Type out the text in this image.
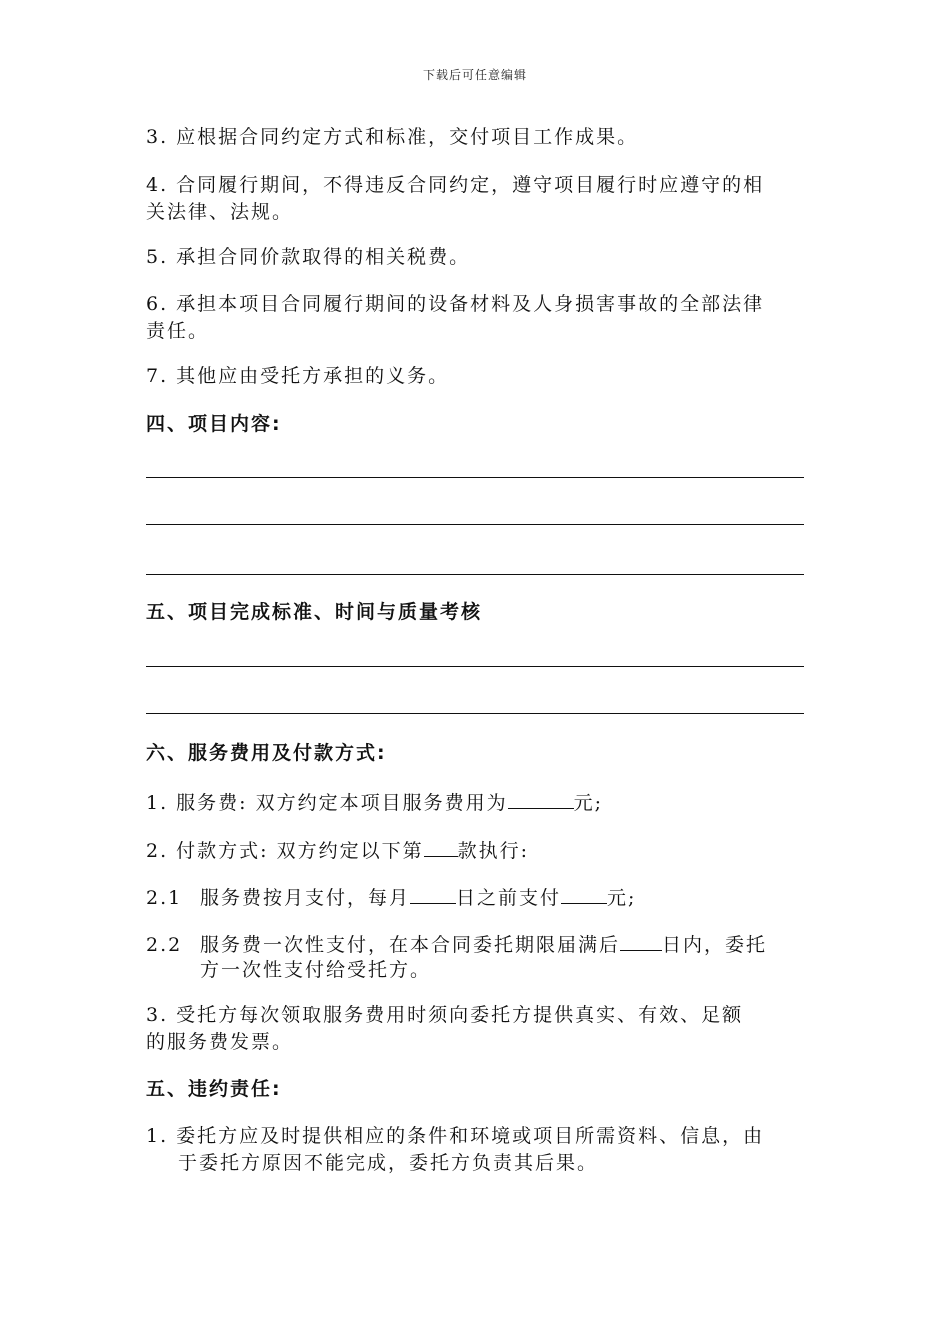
下载后可任意编辑
3. 应根据合同约定方式和标准，交付项目工作成果。
4. 合同履行期间，不得违反合同约定，遵守项目履行时应遵守的相
关法律、法规。
5. 承担合同价款取得的相关税费。
6. 承担本项目合同履行期间的设备材料及人身损害事故的全部法律
责任。
7. 其他应由受托方承担的义务。
四、项目内容:
五、项目完成标准、时间与质量考核
六、服务费用及付款方式:
1. 服务费: 双方约定本项目服务费用为	元;
2. 付款方式: 双方约定以下第 款执行:
2.1 服务费按月支付，每月 日之前支付 元;
2.2 服务费一次性支付，在本合同委托期限届满后 日内，委托
方一次性支付给受托方。
3. 受托方每次领取服务费用时须向委托方提供真实、有效、足额
的服务费发票。
五、违约责任:
1. 委托方应及时提供相应的条件和环境或项目所需资料、信息，由
于委托方原因不能完成，委托方负责其后果。
